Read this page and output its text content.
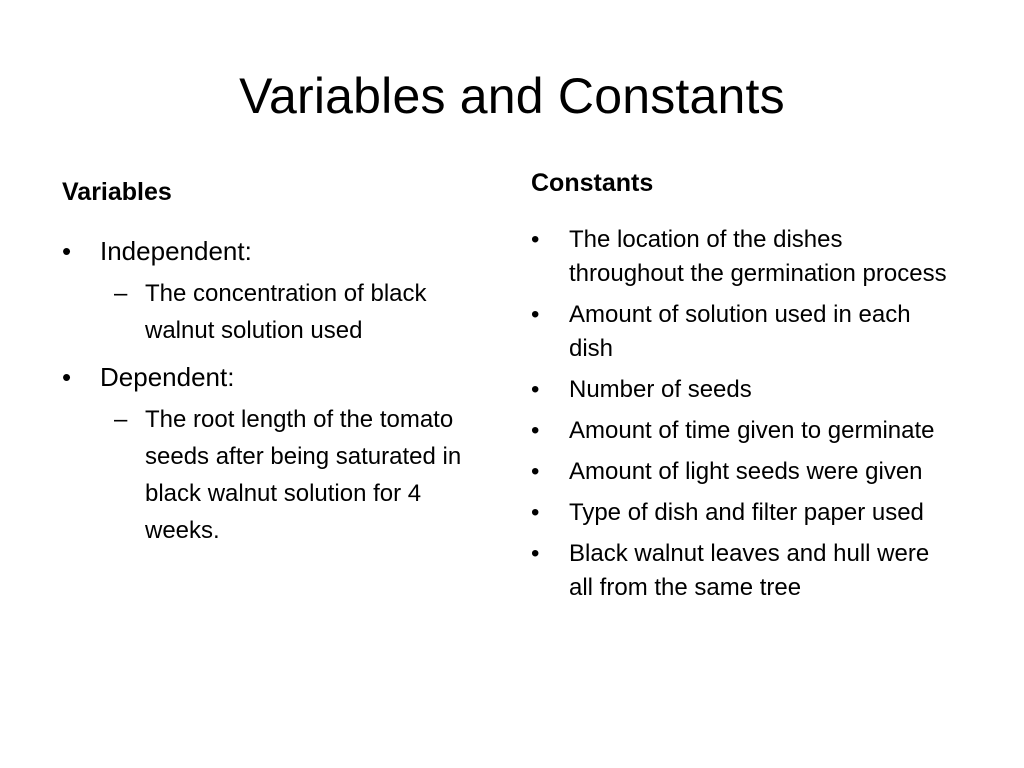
Variables and Constants
Variables	Constants
• Independent:
– The concentration of black walnut solution used
• Dependent:
– The root length of the tomato seeds after being saturated in black walnut solution for 4 weeks.
• The location of the dishes throughout the germination process
• Amount of solution used in each dish
• Number of seeds
• Amount of time given to germinate
• Amount of light seeds were given
• Type of dish and filter paper used
• Black walnut leaves and hull were all from the same tree
